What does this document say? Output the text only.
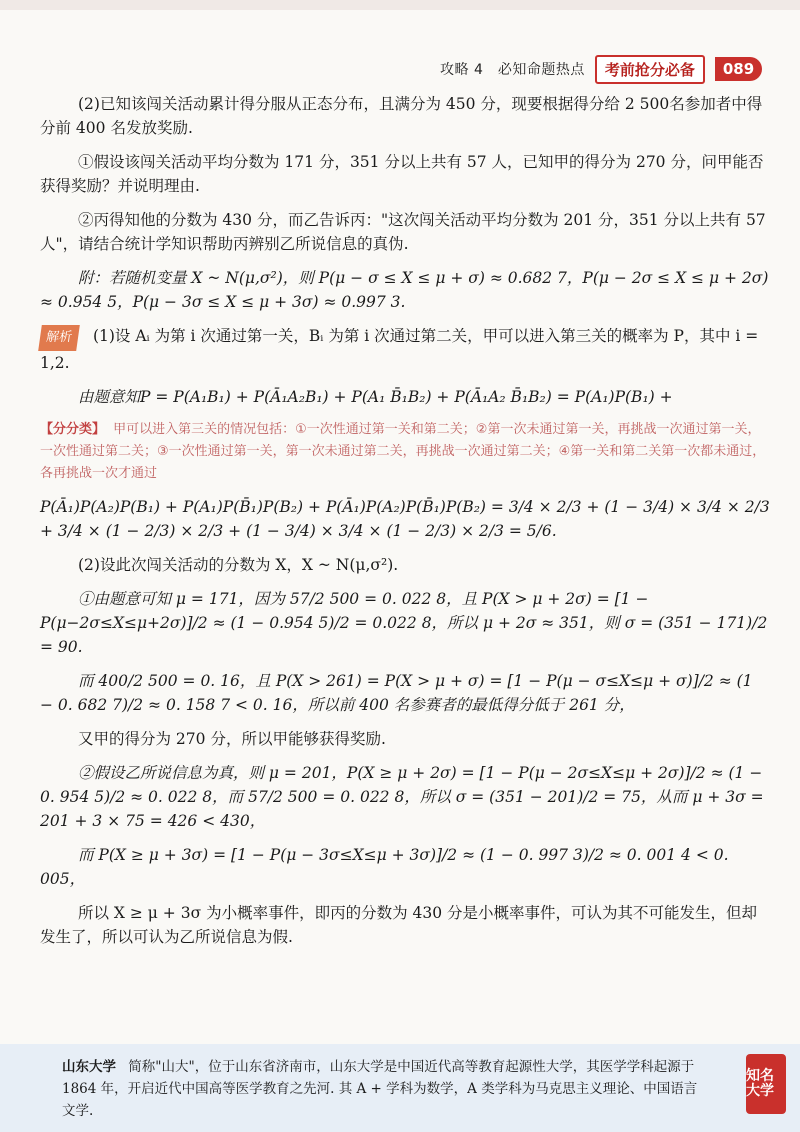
攻略 4　必知命题热点	考前抢分必备	089

(2)已知该闯关活动累计得分服从正态分布，且满分为 450 分，现要根据得分给 2 500名参加者中得分前 400 名发放奖励.

①假设该闯关活动平均分数为 171 分，351 分以上共有 57 人，已知甲的得分为 270 分，问甲能否获得奖励？并说明理由.

②丙得知他的分数为 430 分，而乙告诉丙："这次闯关活动平均分数为 201 分，351 分以上共有 57 人"，请结合统计学知识帮助丙辨别乙所说信息的真伪.

附：若随机变量 X ~ N(μ,σ²)，则 P(μ − σ ≤ X ≤ μ + σ) ≈ 0.682 7，P(μ − 2σ ≤ X ≤ μ + 2σ) ≈ 0.954 5，P(μ − 3σ ≤ X ≤ μ + 3σ) ≈ 0.997 3.

解析 (1)设 Aᵢ 为第 i 次通过第一关，Bᵢ 为第 i 次通过第二关，甲可以进入第三关的概率为 P，其中 i = 1,2.

由题意知P = P(A₁B₁) + P(Ā₁A₂B₁) + P(A₁ B̄₁B₂) + P(Ā₁A₂ B̄₁B₂) = P(A₁)P(B₁) +

【分分类】 甲可以进入第三关的情况包括：①一次性通过第一关和第二关；②第一次未通过第一关，再挑战一次通过第一关，一次性通过第二关；③一次性通过第一关，第一次未通过第二关，再挑战一次通过第二关；④第一关和第二关第一次都未通过，各再挑战一次才通过

P(Ā₁)P(A₂)P(B₁) + P(A₁)P(B̄₁)P(B₂) + P(Ā₁)P(A₂)P(B̄₁)P(B₂) = 3/4 × 2/3 + (1 − 3/4) × 3/4 × 2/3 + 3/4 × (1 − 2/3) × 2/3 + (1 − 3/4) × 3/4 × (1 − 2/3) × 2/3 = 5/6.

(2)设此次闯关活动的分数为 X，X ~ N(μ,σ²).

①由题意可知 μ = 171，因为 57/2 500 = 0. 022 8，且 P(X > μ + 2σ) = [1 − P(μ−2σ≤X≤μ+2σ)]/2 ≈ (1 − 0.954 5)/2 = 0.022 8，所以 μ + 2σ ≈ 351，则 σ = (351 − 171)/2 = 90.

而 400/2 500 = 0. 16，且 P(X > 261) = P(X > μ + σ) = [1 − P(μ − σ≤X≤μ + σ)]/2 ≈ (1 − 0. 682 7)/2 ≈ 0. 158 7 < 0. 16，所以前 400 名参赛者的最低得分低于 261 分，

又甲的得分为 270 分，所以甲能够获得奖励.

②假设乙所说信息为真，则 μ = 201，P(X ≥ μ + 2σ) = [1 − P(μ − 2σ≤X≤μ + 2σ)]/2 ≈ (1 − 0. 954 5)/2 ≈ 0. 022 8，而 57/2 500 = 0. 022 8，所以 σ = (351 − 201)/2 = 75，从而 μ + 3σ = 201 + 3 × 75 = 426 < 430，

而 P(X ≥ μ + 3σ) = [1 − P(μ − 3σ≤X≤μ + 3σ)]/2 ≈ (1 − 0. 997 3)/2 ≈ 0. 001 4 < 0. 005，

所以 X ≥ μ + 3σ 为小概率事件，即丙的分数为 430 分是小概率事件，可认为其不可能发生，但却发生了，所以可认为乙所说信息为假.

山东大学 简称"山大"，位于山东省济南市，山东大学是中国近代高等教育起源性大学，其医学学科起源于 1864 年，开启近代中国高等医学教育之先河. 其 A + 学科为数学，A 类学科为马克思主义理论、中国语言文学.
知名大学
